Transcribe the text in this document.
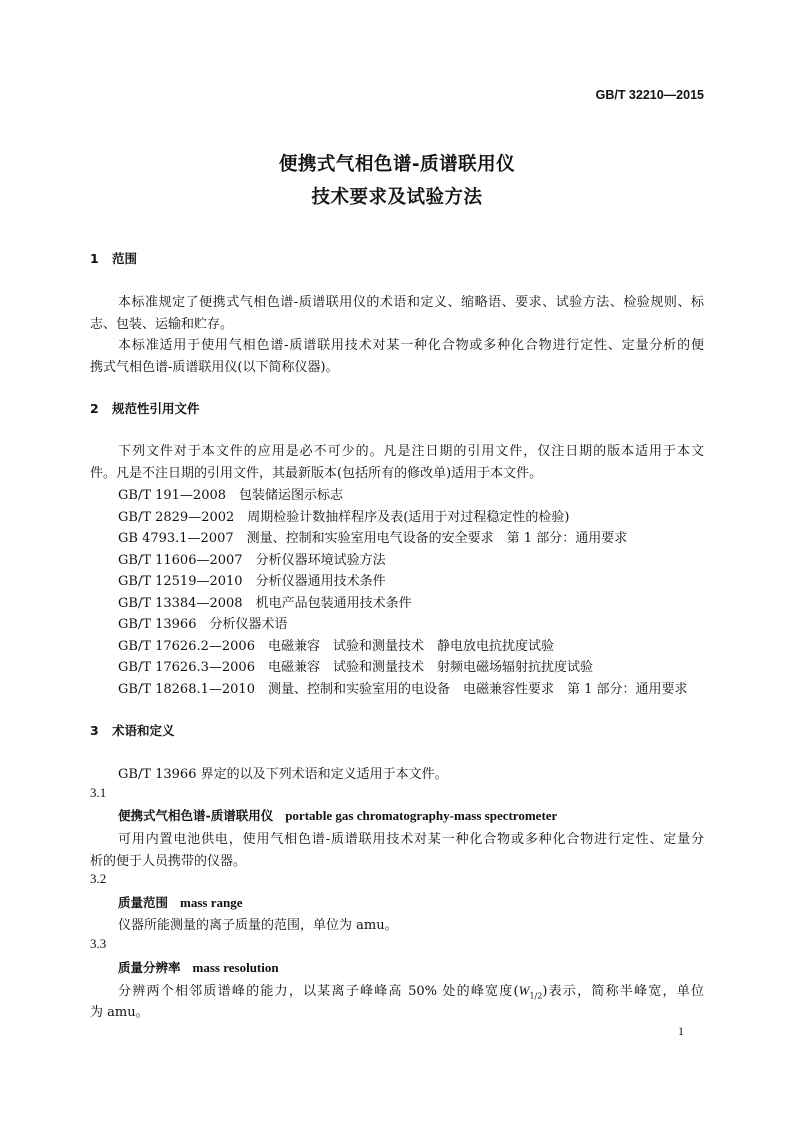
GB/T 32210—2015
便携式气相色谱-质谱联用仪
技术要求及试验方法
1 范围
本标准规定了便携式气相色谱-质谱联用仪的术语和定义、缩略语、要求、试验方法、检验规则、标
志、包装、运输和贮存。
本标准适用于使用气相色谱-质谱联用技术对某一种化合物或多种化合物进行定性、定量分析的便
携式气相色谱-质谱联用仪(以下简称仪器)。
2 规范性引用文件
下列文件对于本文件的应用是必不可少的。凡是注日期的引用文件，仅注日期的版本适用于本文
件。凡是不注日期的引用文件，其最新版本(包括所有的修改单)适用于本文件。
GB/T 191—2008 包装储运图示标志
GB/T 2829—2002 周期检验计数抽样程序及表(适用于对过程稳定性的检验)
GB 4793.1—2007 测量、控制和实验室用电气设备的安全要求　第 1 部分：通用要求
GB/T 11606—2007 分析仪器环境试验方法
GB/T 12519—2010 分析仪器通用技术条件
GB/T 13384—2008 机电产品包装通用技术条件
GB/T 13966 分析仪器术语
GB/T 17626.2—2006 电磁兼容　试验和测量技术　静电放电抗扰度试验
GB/T 17626.3—2006 电磁兼容　试验和测量技术　射频电磁场辐射抗扰度试验
GB/T 18268.1—2010 测量、控制和实验室用的电设备　电磁兼容性要求　第 1 部分：通用要求
3 术语和定义
GB/T 13966 界定的以及下列术语和定义适用于本文件。
3.1
便携式气相色谱-质谱联用仪 portable gas chromatography-mass spectrometer
可用内置电池供电，使用气相色谱-质谱联用技术对某一种化合物或多种化合物进行定性、定量分
析的便于人员携带的仪器。
3.2
质量范围 mass range
仪器所能测量的离子质量的范围，单位为 amu。
3.3
质量分辨率 mass resolution
分辨两个相邻质谱峰的能力，以某离子峰峰高 50% 处的峰宽度$(W_{1/2})$表示，简称半峰宽，单位
为 amu。
1
